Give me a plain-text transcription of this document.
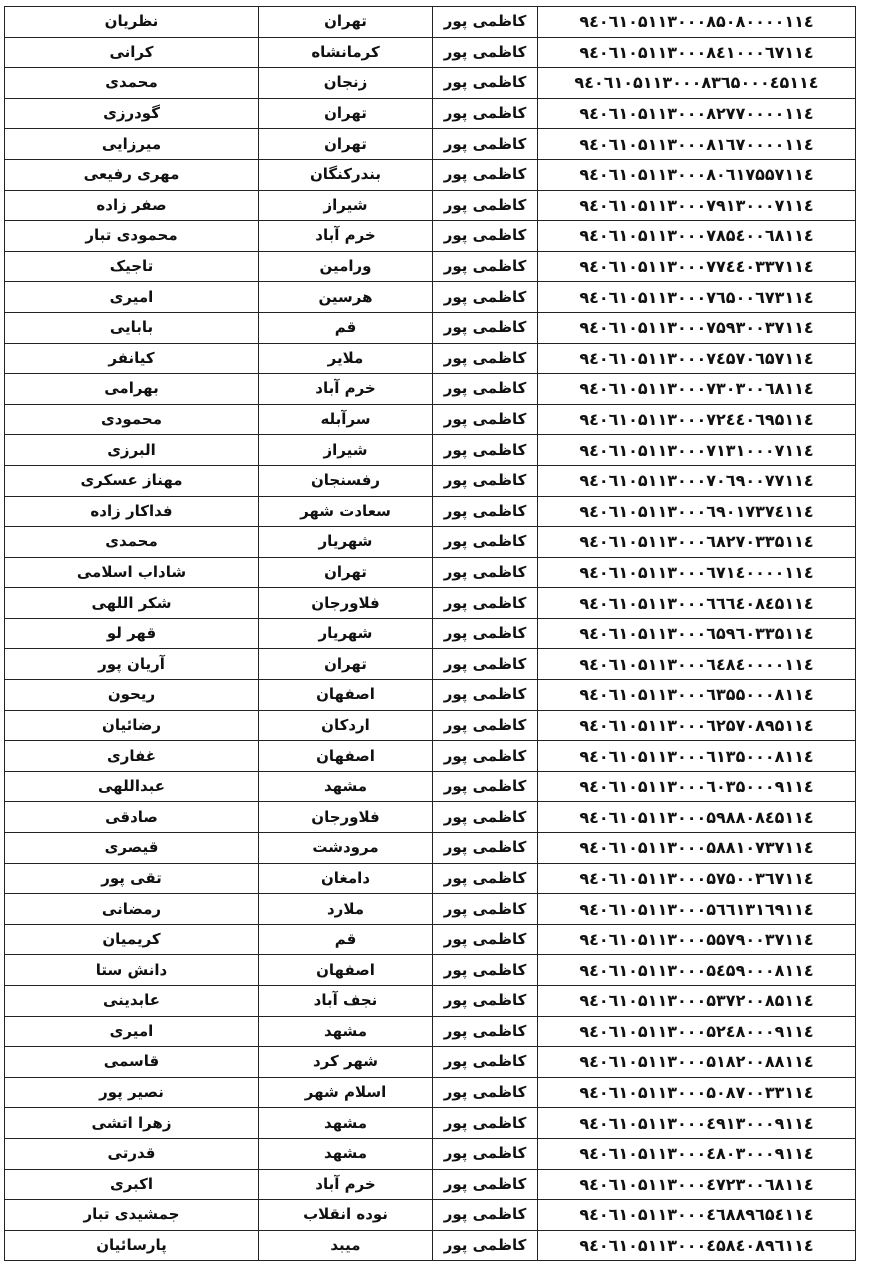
نظریان	تهران	کاظمی پور	۹٤۰٦۱۰۵۱۱۳۰۰۰۸۵۰۸۰۰۰۰۱۱٤
کرانی	کرمانشاه	کاظمی پور	۹٤۰٦۱۰۵۱۱۳۰۰۰۸٤۱۰۰۰٦۷۱۱٤
محمدی	زنجان	کاظمی پور	۹٤۰٦۱۰۵۱۱۳۰۰۰۸۳٦۵۰۰۰٤۵۱۱٤
گودرزی	تهران	کاظمی پور	۹٤۰٦۱۰۵۱۱۳۰۰۰۸۲۷۷۰۰۰۰۱۱٤
میرزایی	تهران	کاظمی پور	۹٤۰٦۱۰۵۱۱۳۰۰۰۸۱٦۷۰۰۰۰۱۱٤
مهری رفیعی	بندرکنگان	کاظمی پور	۹٤۰٦۱۰۵۱۱۳۰۰۰۸۰٦۱۷۵۵۷۱۱٤
صفر زاده	شیراز	کاظمی پور	۹٤۰٦۱۰۵۱۱۳۰۰۰۷۹۱۳۰۰۰۷۱۱٤
محمودی تبار	خرم آباد	کاظمی پور	۹٤۰٦۱۰۵۱۱۳۰۰۰۷۸۵٤۰۰٦۸۱۱٤
تاجیک	ورامین	کاظمی پور	۹٤۰٦۱۰۵۱۱۳۰۰۰۷۷٤٤۰۳۳۷۱۱٤
امیری	هرسین	کاظمی پور	۹٤۰٦۱۰۵۱۱۳۰۰۰۷٦۵۰۰٦۷۳۱۱٤
بابایی	قم	کاظمی پور	۹٤۰٦۱۰۵۱۱۳۰۰۰۷۵۹۳۰۰۳۷۱۱٤
کیانفر	ملایر	کاظمی پور	۹٤۰٦۱۰۵۱۱۳۰۰۰۷٤۵۷۰٦۵۷۱۱٤
بهرامی	خرم آباد	کاظمی پور	۹٤۰٦۱۰۵۱۱۳۰۰۰۷۳۰۳۰۰٦۸۱۱٤
محمودی	سرآبله	کاظمی پور	۹٤۰٦۱۰۵۱۱۳۰۰۰۷۲٤٤۰٦۹۵۱۱٤
البرزی	شیراز	کاظمی پور	۹٤۰٦۱۰۵۱۱۳۰۰۰۷۱۳۱۰۰۰۷۱۱٤
مهناز عسکری	رفسنجان	کاظمی پور	۹٤۰٦۱۰۵۱۱۳۰۰۰۷۰٦۹۰۰۷۷۱۱٤
فداکار زاده	سعادت شهر	کاظمی پور	۹٤۰٦۱۰۵۱۱۳۰۰۰٦۹۰۱۷۳۷٤۱۱٤
محمدی	شهریار	کاظمی پور	۹٤۰٦۱۰۵۱۱۳۰۰۰٦۸۲۷۰۳۳۵۱۱٤
شاداب اسلامی	تهران	کاظمی پور	۹٤۰٦۱۰۵۱۱۳۰۰۰٦۷۱٤۰۰۰۰۱۱٤
شکر اللهی	فلاورجان	کاظمی پور	۹٤۰٦۱۰۵۱۱۳۰۰۰٦٦٦٤۰۸٤۵۱۱٤
قهر لو	شهریار	کاظمی پور	۹٤۰٦۱۰۵۱۱۳۰۰۰٦۵۹٦۰۳۳۵۱۱٤
آریان پور	تهران	کاظمی پور	۹٤۰٦۱۰۵۱۱۳۰۰۰٦٤۸٤۰۰۰۰۱۱٤
ریحون	اصفهان	کاظمی پور	۹٤۰٦۱۰۵۱۱۳۰۰۰٦۳۵۵۰۰۰۸۱۱٤
رضائیان	اردکان	کاظمی پور	۹٤۰٦۱۰۵۱۱۳۰۰۰٦۲۵۷۰۸۹۵۱۱٤
غفاری	اصفهان	کاظمی پور	۹٤۰٦۱۰۵۱۱۳۰۰۰٦۱۳۵۰۰۰۸۱۱٤
عبداللهی	مشهد	کاظمی پور	۹٤۰٦۱۰۵۱۱۳۰۰۰٦۰۳۵۰۰۰۹۱۱٤
صادقی	فلاورجان	کاظمی پور	۹٤۰٦۱۰۵۱۱۳۰۰۰۵۹۸۸۰۸٤۵۱۱٤
قیصری	مرودشت	کاظمی پور	۹٤۰٦۱۰۵۱۱۳۰۰۰۵۸۸۱۰۷۳۷۱۱٤
تقی پور	دامغان	کاظمی پور	۹٤۰٦۱۰۵۱۱۳۰۰۰۵۷۵۰۰۳٦۷۱۱٤
رمضانی	ملارد	کاظمی پور	۹٤۰٦۱۰۵۱۱۳۰۰۰۵٦٦۱۳۱٦۹۱۱٤
کریمیان	قم	کاظمی پور	۹٤۰٦۱۰۵۱۱۳۰۰۰۵۵۷۹۰۰۳۷۱۱٤
دانش ستا	اصفهان	کاظمی پور	۹٤۰٦۱۰۵۱۱۳۰۰۰۵٤۵۹۰۰۰۸۱۱٤
عابدینی	نجف آباد	کاظمی پور	۹٤۰٦۱۰۵۱۱۳۰۰۰۵۳۷۲۰۰۸۵۱۱٤
امیری	مشهد	کاظمی پور	۹٤۰٦۱۰۵۱۱۳۰۰۰۵۲٤۸۰۰۰۹۱۱٤
قاسمی	شهر کرد	کاظمی پور	۹٤۰٦۱۰۵۱۱۳۰۰۰۵۱۸۲۰۰۸۸۱۱٤
نصیر پور	اسلام شهر	کاظمی پور	۹٤۰٦۱۰۵۱۱۳۰۰۰۵۰۸۷۰۰۳۳۱۱٤
زهرا اتشی	مشهد	کاظمی پور	۹٤۰٦۱۰۵۱۱۳۰۰۰٤۹۱۳۰۰۰۹۱۱٤
قدرتی	مشهد	کاظمی پور	۹٤۰٦۱۰۵۱۱۳۰۰۰٤۸۰۳۰۰۰۹۱۱٤
اکبری	خرم آباد	کاظمی پور	۹٤۰٦۱۰۵۱۱۳۰۰۰٤۷۲۳۰۰٦۸۱۱٤
جمشیدی تبار	نوده انقلاب	کاظمی پور	۹٤۰٦۱۰۵۱۱۳۰۰۰٤٦۸۸۹٦۵٤۱۱٤
پارسائیان	میبد	کاظمی پور	۹٤۰٦۱۰۵۱۱۳۰۰۰٤۵۸٤۰۸۹٦۱۱٤
